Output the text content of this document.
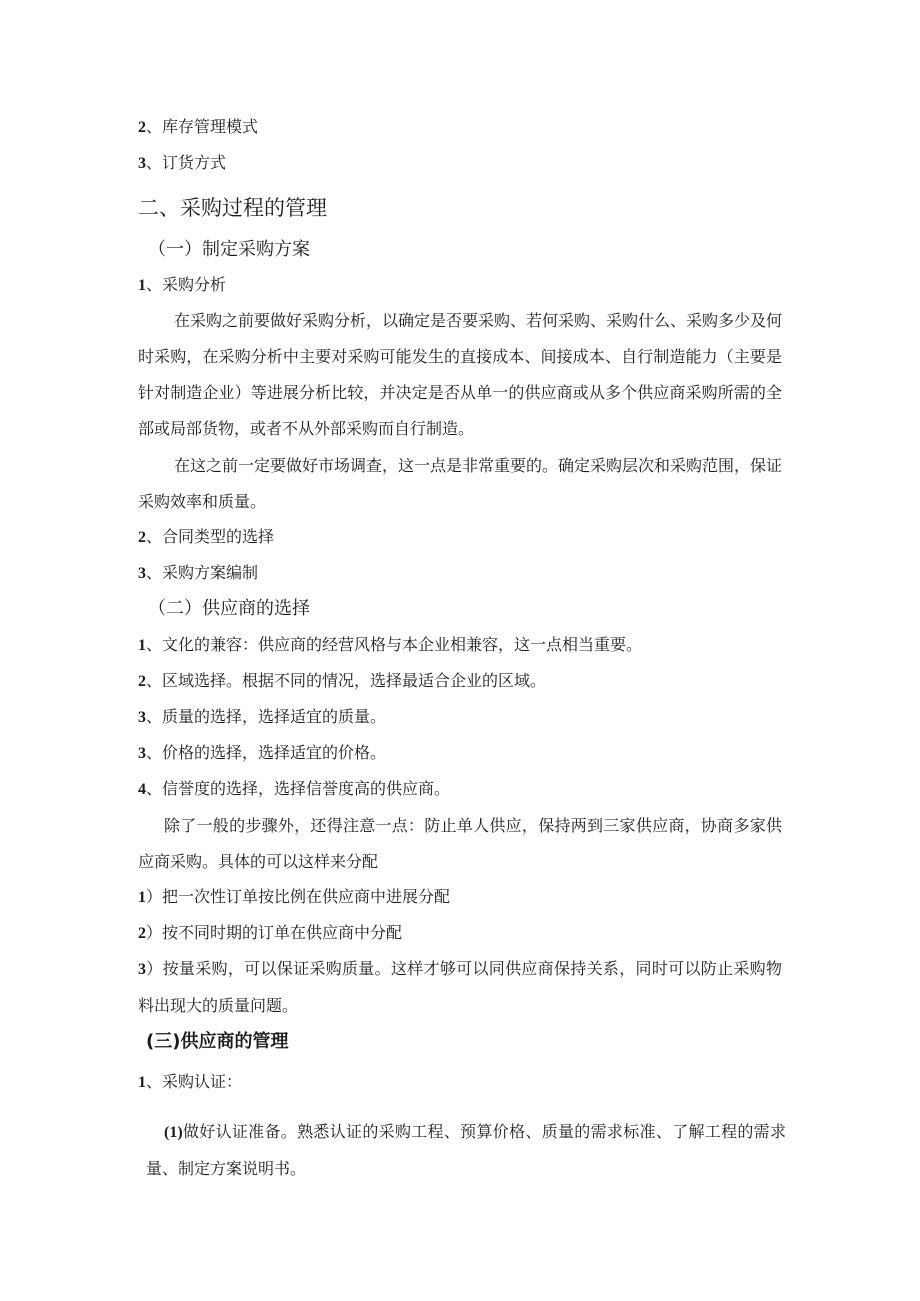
2、库存管理模式
3、订货方式
二、采购过程的管理
（一）制定采购方案
1、采购分析
在采购之前要做好采购分析，以确定是否要采购、若何采购、采购什么、采购多少及何时采购，在采购分析中主要对采购可能发生的直接成本、间接成本、自行制造能力（主要是针对制造企业）等进展分析比较，并决定是否从单一的供应商或从多个供应商采购所需的全部或局部货物，或者不从外部采购而自行制造。
在这之前一定要做好市场调查，这一点是非常重要的。确定采购层次和采购范围，保证采购效率和质量。
2、合同类型的选择
3、采购方案编制
（二）供应商的选择
1、文化的兼容：供应商的经营风格与本企业相兼容，这一点相当重要。
2、区域选择。根据不同的情况，选择最适合企业的区域。
3、质量的选择，选择适宜的质量。
3、价格的选择，选择适宜的价格。
4、信誉度的选择，选择信誉度高的供应商。
除了一般的步骤外，还得注意一点：防止单人供应，保持两到三家供应商，协商多家供应商采购。具体的可以这样来分配
1）把一次性订单按比例在供应商中进展分配
2）按不同时期的订单在供应商中分配
3）按量采购，可以保证采购质量。这样才够可以同供应商保持关系，同时可以防止采购物料出现大的质量问题。
(三)供应商的管理
1、采购认证：
(1)做好认证准备。熟悉认证的采购工程、预算价格、质量的需求标准、了解工程的需求量、制定方案说明书。
